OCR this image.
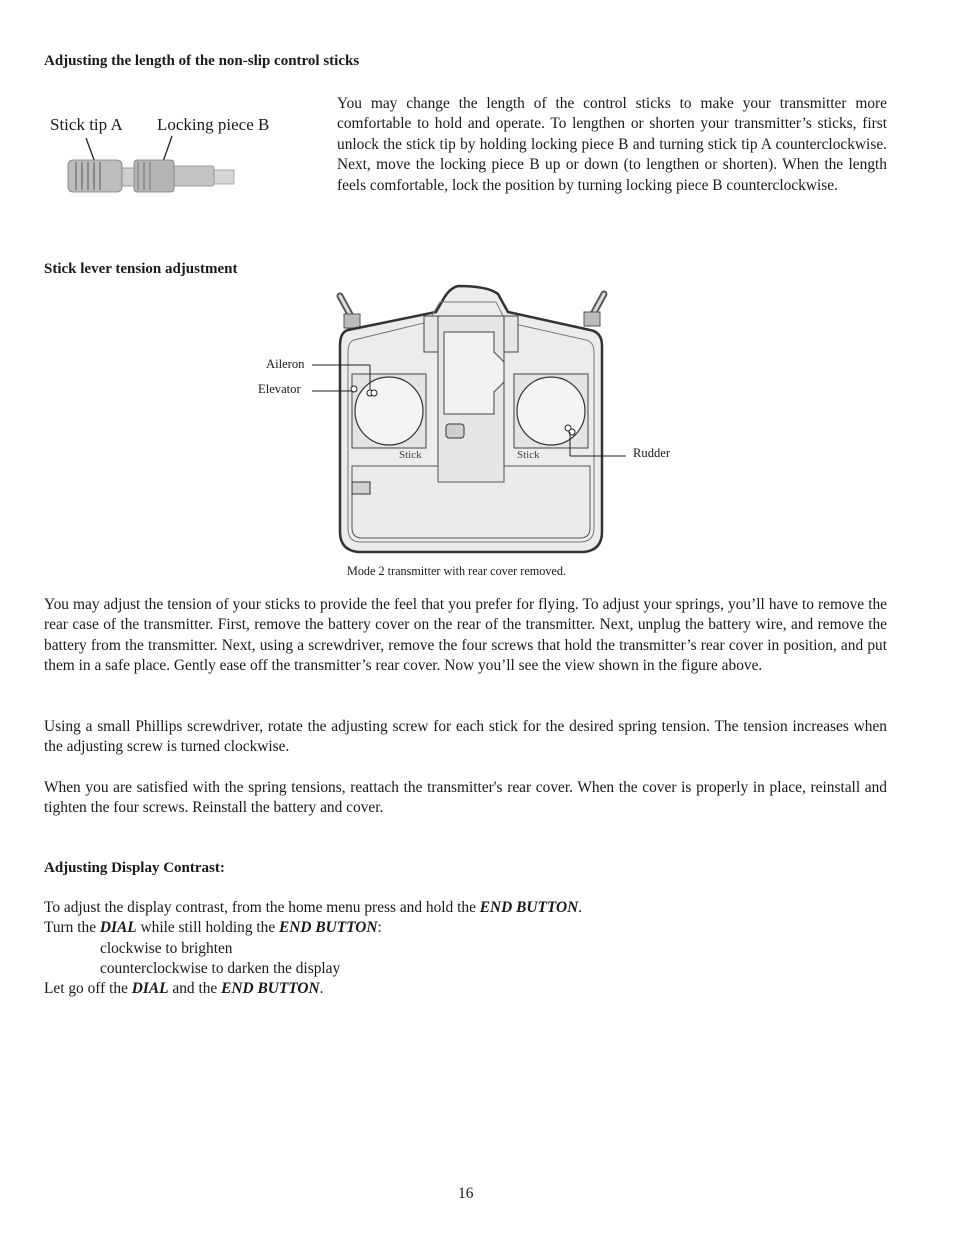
Adjusting the length of the non-slip control sticks

Stick tip A Locking piece B

You may change the length of the control sticks to make your transmitter more comfortable to hold and operate. To lengthen or shorten your transmitter’s sticks, first unlock the stick tip by holding locking piece B and turning stick tip A counterclockwise. Next, move the locking piece B up or down (to lengthen or shorten). When the length feels comfortable, lock the position by turning locking piece B counterclockwise.

Stick lever tension adjustment

Aileron

Elevator

Rudder

Stick	Stick

Mode 2 transmitter with rear cover removed.

You may adjust the tension of your sticks to provide the feel that you prefer for flying. To adjust your springs, you’ll have to remove the rear case of the transmitter. First, remove the battery cover on the rear of the transmitter. Next, unplug the battery wire, and remove the battery from the transmitter. Next, using a screwdriver, remove the four screws that hold the transmitter’s rear cover in position, and put them in a safe place. Gently ease off the transmitter’s rear cover. Now you’ll see the view shown in the figure above.

Using a small Phillips screwdriver, rotate the adjusting screw for each stick for the desired spring tension. The tension increases when the adjusting screw is turned clockwise.

When you are satisfied with the spring tensions, reattach the transmitter's rear cover. When the cover is properly in place, reinstall and tighten the four screws. Reinstall the battery and cover.

Adjusting Display Contrast:

To adjust the display contrast, from the home menu press and hold the END BUTTON.

Turn the DIAL while still holding the END BUTTON:

clockwise to brighten

counterclockwise to darken the display

Let go off the DIAL and the END BUTTON.

16
